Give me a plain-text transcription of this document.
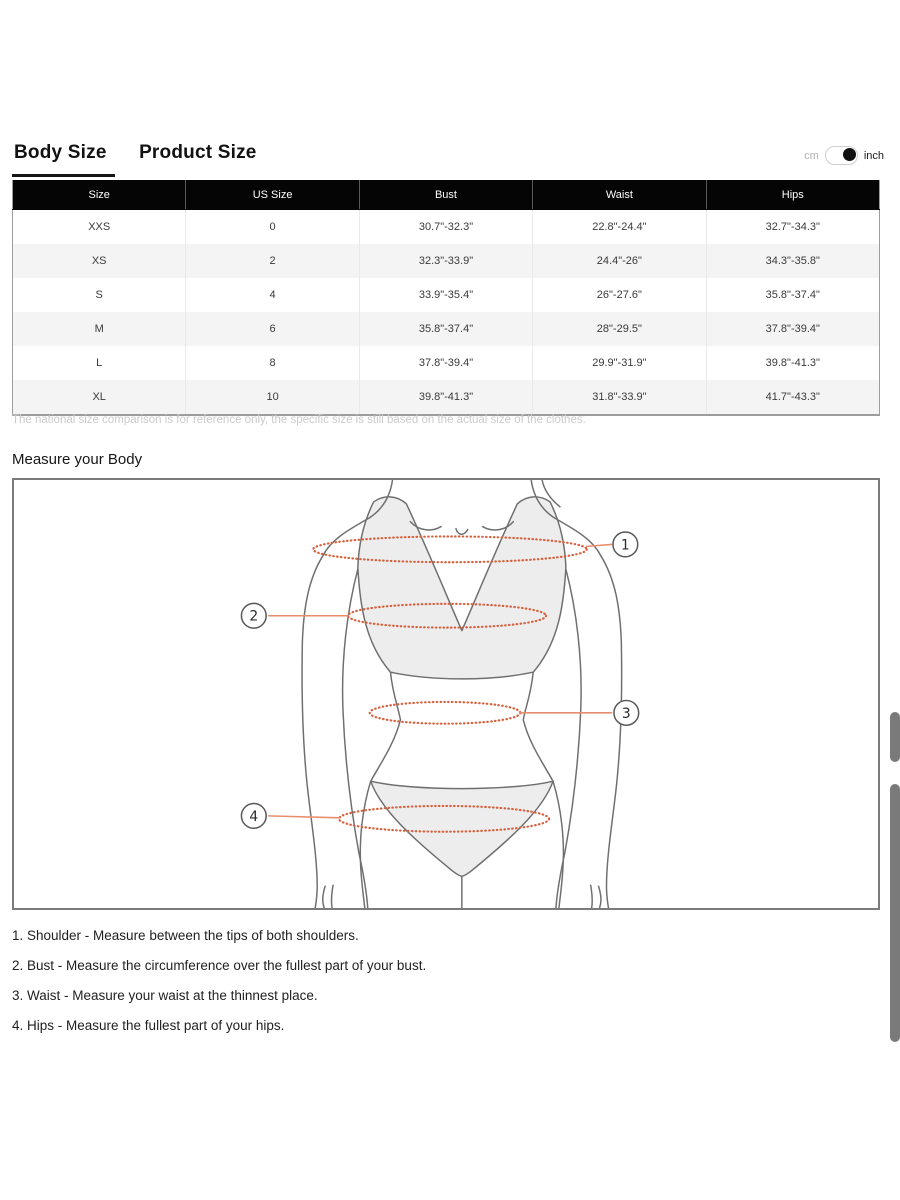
Body Size Product Size	cm	inch
Size	US Size	Bust	Waist	Hips
XXS	0	30.7"-32.3"	22.8"-24.4"	32.7"-34.3"
XS	2	32.3"-33.9"	24.4"-26"	34.3"-35.8"
S	4	33.9"-35.4"	26"-27.6"	35.8"-37.4"
M	6	35.8"-37.4"	28"-29.5"	37.8"-39.4"
L	8	37.8"-39.4"	29.9"-31.9"	39.8"-41.3"
XL	10	39.8"-41.3"	31.8"-33.9"	41.7"-43.3"
The national size comparison is for reference only, the specific size is still based on the actual size of the clothes.
Measure your Body
1
2
3
4
1. Shoulder - Measure between the tips of both shoulders.
2. Bust - Measure the circumference over the fullest part of your bust.
3. Waist - Measure your waist at the thinnest place.
4. Hips - Measure the fullest part of your hips.
